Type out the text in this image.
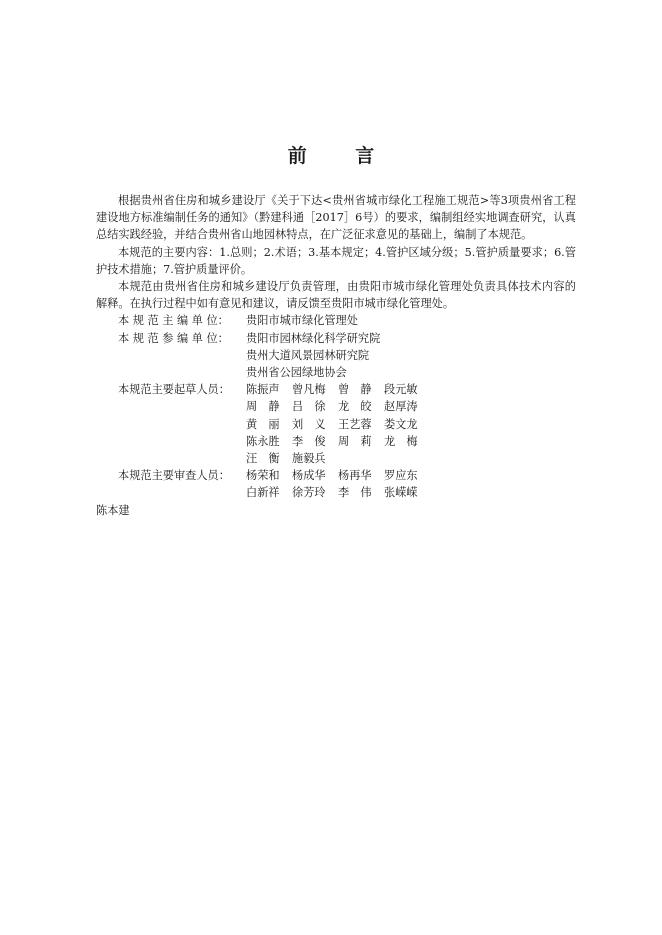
前 言

根据贵州省住房和城乡建设厅《关于下达<贵州省城市绿化工程施工规范>等3项贵州省工程建设地方标准编制任务的通知》（黔建科通［2017］6号）的要求，编制组经实地调查研究，认真总结实践经验，并结合贵州省山地园林特点，在广泛征求意见的基础上，编制了本规范。

本规范的主要内容：1.总则；2.术语；3.基本规定；4.管护区域分级；5.管护质量要求；6.管护技术措施；7.管护质量评价。

本规范由贵州省住房和城乡建设厅负责管理，由贵阳市城市绿化管理处负责具体技术内容的解释。在执行过程中如有意见和建议，请反馈至贵阳市城市绿化管理处。

本 规 范 主 编 单 位：	贵阳市城市绿化管理处
本 规 范 参 编 单 位：	贵阳市园林绿化科学研究院
贵州大道风景园林研究院
贵州省公园绿地协会
本规范主要起草人员：	陈振声	曾凡梅	曾　静	段元敏
周　静	吕　徐	龙　皎	赵厚涛
黄　丽	刘　义	王艺蓉	娄文龙
陈永胜	李　俊	周　莉	龙　梅
汪　衡	施毅兵
本规范主要审查人员：	杨荣和	杨成华	杨再华	罗应东
白新祥	徐芳玲	李　伟	张嵘嵘
陈本建
